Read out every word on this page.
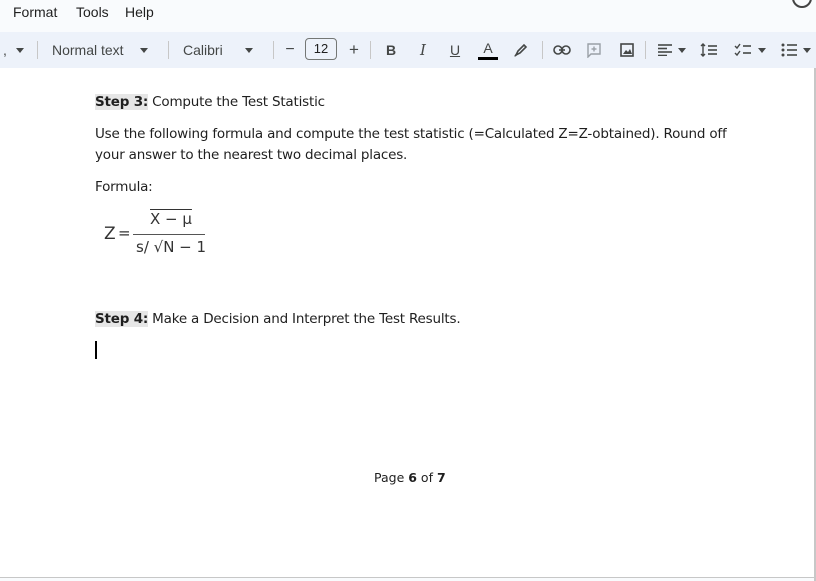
Format Tools Help
,	Normal text	Calibri	−	12	+ B I U A
Step 3: Compute the Test Statistic
Use the following formula and compute the test statistic (=Calculated Z=Z-obtained). Round off
your answer to the nearest two decimal places.
Formula:
Z =
X − μ
s/ √N − 1
Step 4: Make a Decision and Interpret the Test Results.
Page 6 of 7
